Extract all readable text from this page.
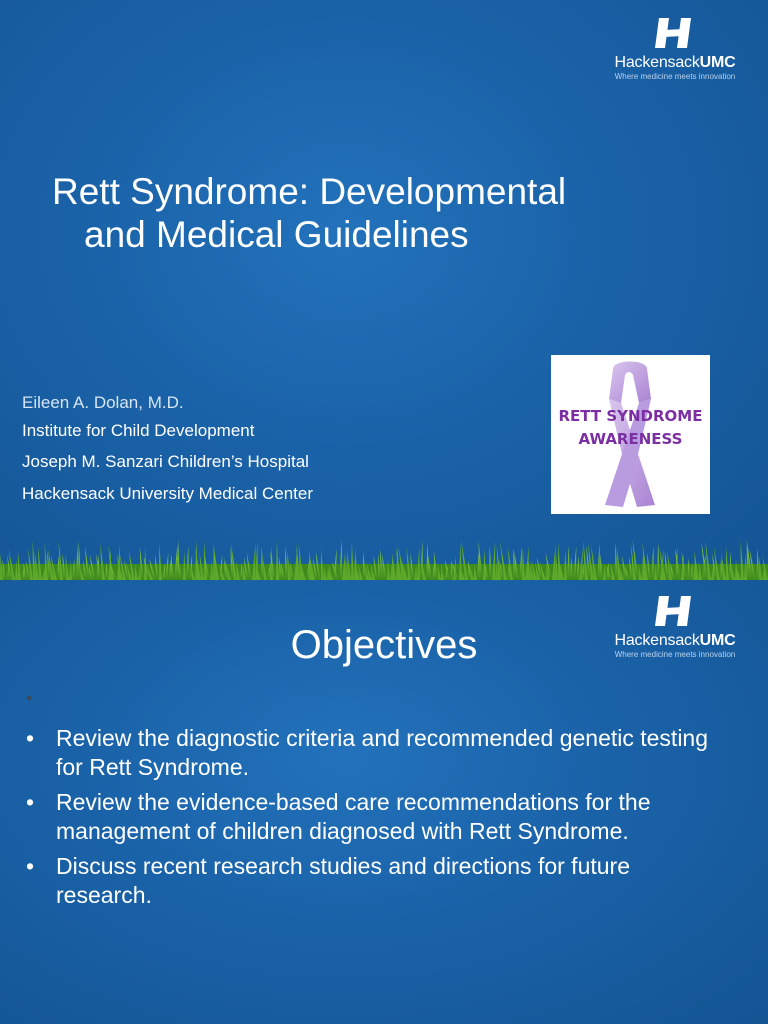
HackensackUMC
Where medicine meets innovation
Rett Syndrome: Developmental
and Medical Guidelines
Eileen A. Dolan, M.D.
Institute for Child Development
Joseph M. Sanzari Children’s Hospital
Hackensack University Medical Center
RETT SYNDROME
AWARENESS
HackensackUMC
Where medicine meets innovation
Objectives
•
• Review the diagnostic criteria and recommended genetic testing for Rett Syndrome.
• Review the evidence-based care recommendations for the management of children diagnosed with Rett Syndrome.
• Discuss recent research studies and directions for future research.
